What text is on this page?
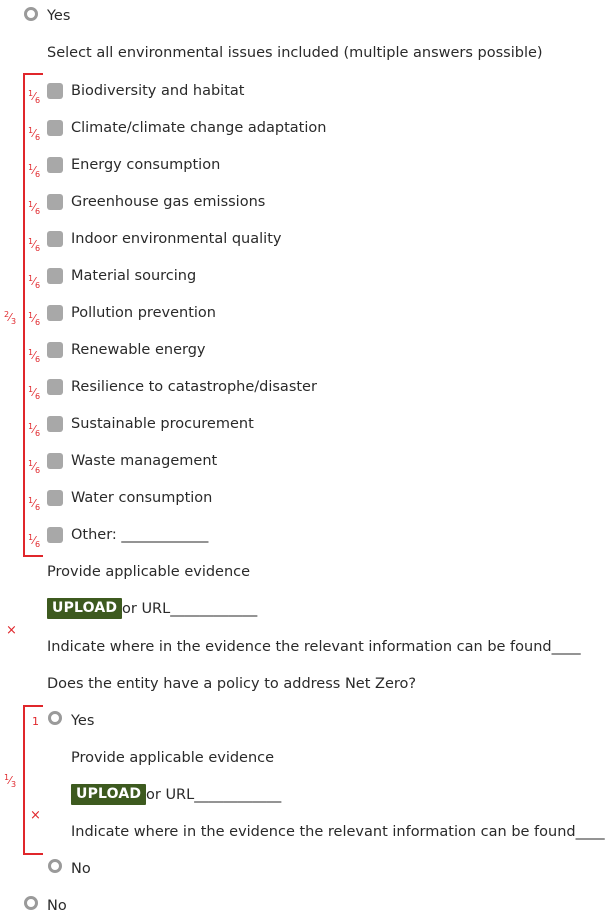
Yes
Select all environmental issues included (multiple answers possible)
$^2⁄_3$
$^1⁄_6$
Biodiversity and habitat
$^1⁄_6$
Climate/climate change adaptation
$^1⁄_6$
Energy consumption
$^1⁄_6$
Greenhouse gas emissions
$^1⁄_6$
Indoor environmental quality
$^1⁄_6$
Material sourcing
$^1⁄_6$
Pollution prevention
$^1⁄_6$
Renewable energy
$^1⁄_6$
Resilience to catastrophe/disaster
$^1⁄_6$
Sustainable procurement
$^1⁄_6$
Waste management
$^1⁄_6$
Water consumption
$^1⁄_6$
Other: ____________
Provide applicable evidence
UPLOAD or URL____________
×
Indicate where in the evidence the relevant information can be found____
Does the entity have a policy to address Net Zero?
$^1⁄_3$
1 Yes
Provide applicable evidence
UPLOAD or URL____________
×
Indicate where in the evidence the relevant information can be found____
No
No
